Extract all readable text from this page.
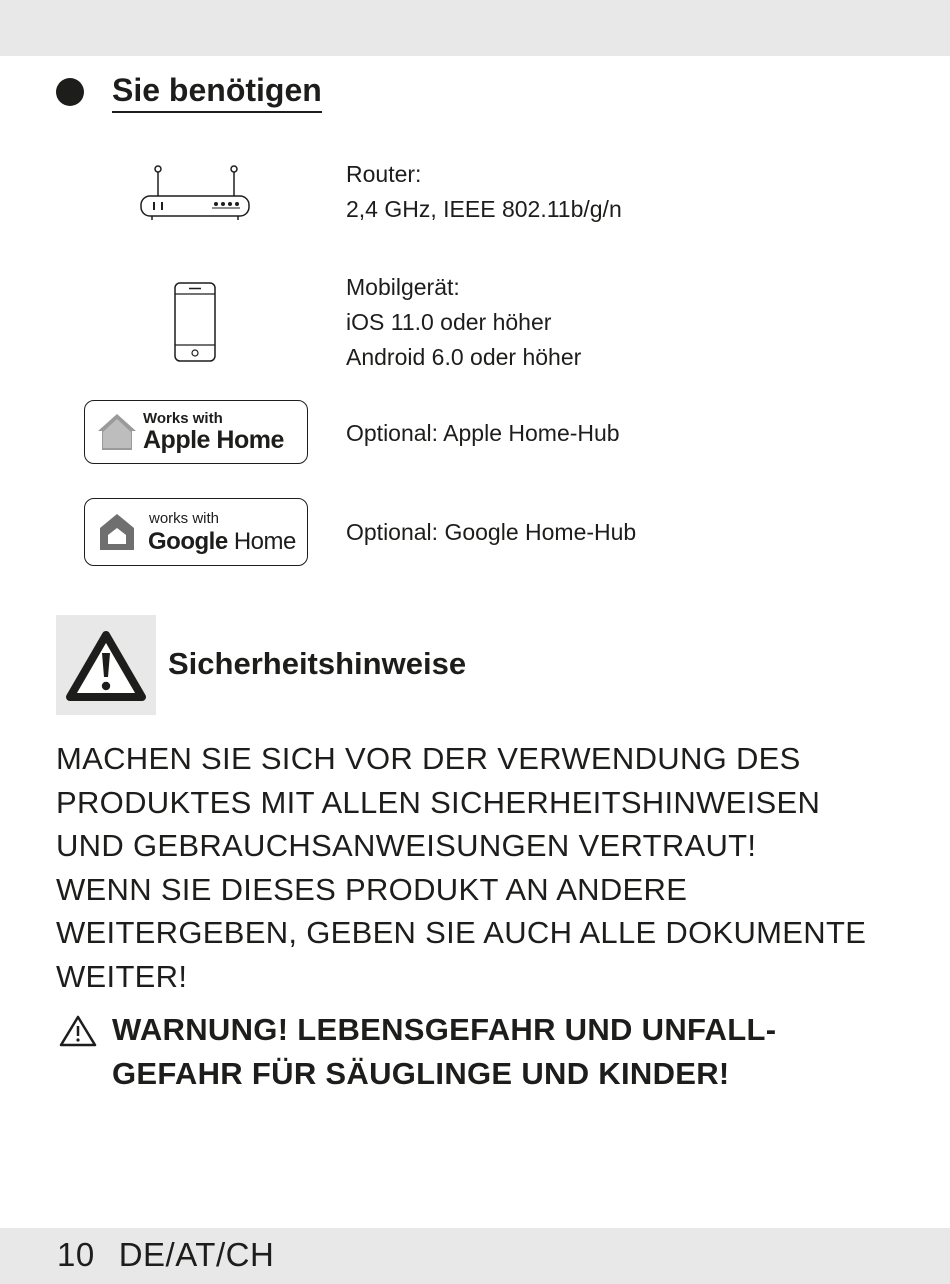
Sie benötigen
Router:
2,4 GHz, IEEE 802.11b/g/n
Mobilgerät:
iOS 11.0 oder höher
Android 6.0 oder höher
Works with
Apple Home	Optional: Apple Home-Hub
works with
Google Home Optional: Google Home-Hub
Sicherheitshinweise
MACHEN SIE SICH VOR DER VERWENDUNG DES
PRODUKTES MIT ALLEN SICHERHEITSHINWEISEN
UND GEBRAUCHSANWEISUNGEN VERTRAUT!
WENN SIE DIESES PRODUKT AN ANDERE
WEITERGEBEN, GEBEN SIE AUCH ALLE DOKUMENTE
WEITER!
WARNUNG! LEBENSGEFAHR UND UNFALL-
GEFAHR FÜR SÄUGLINGE UND KINDER!
10 DE/AT/CH
